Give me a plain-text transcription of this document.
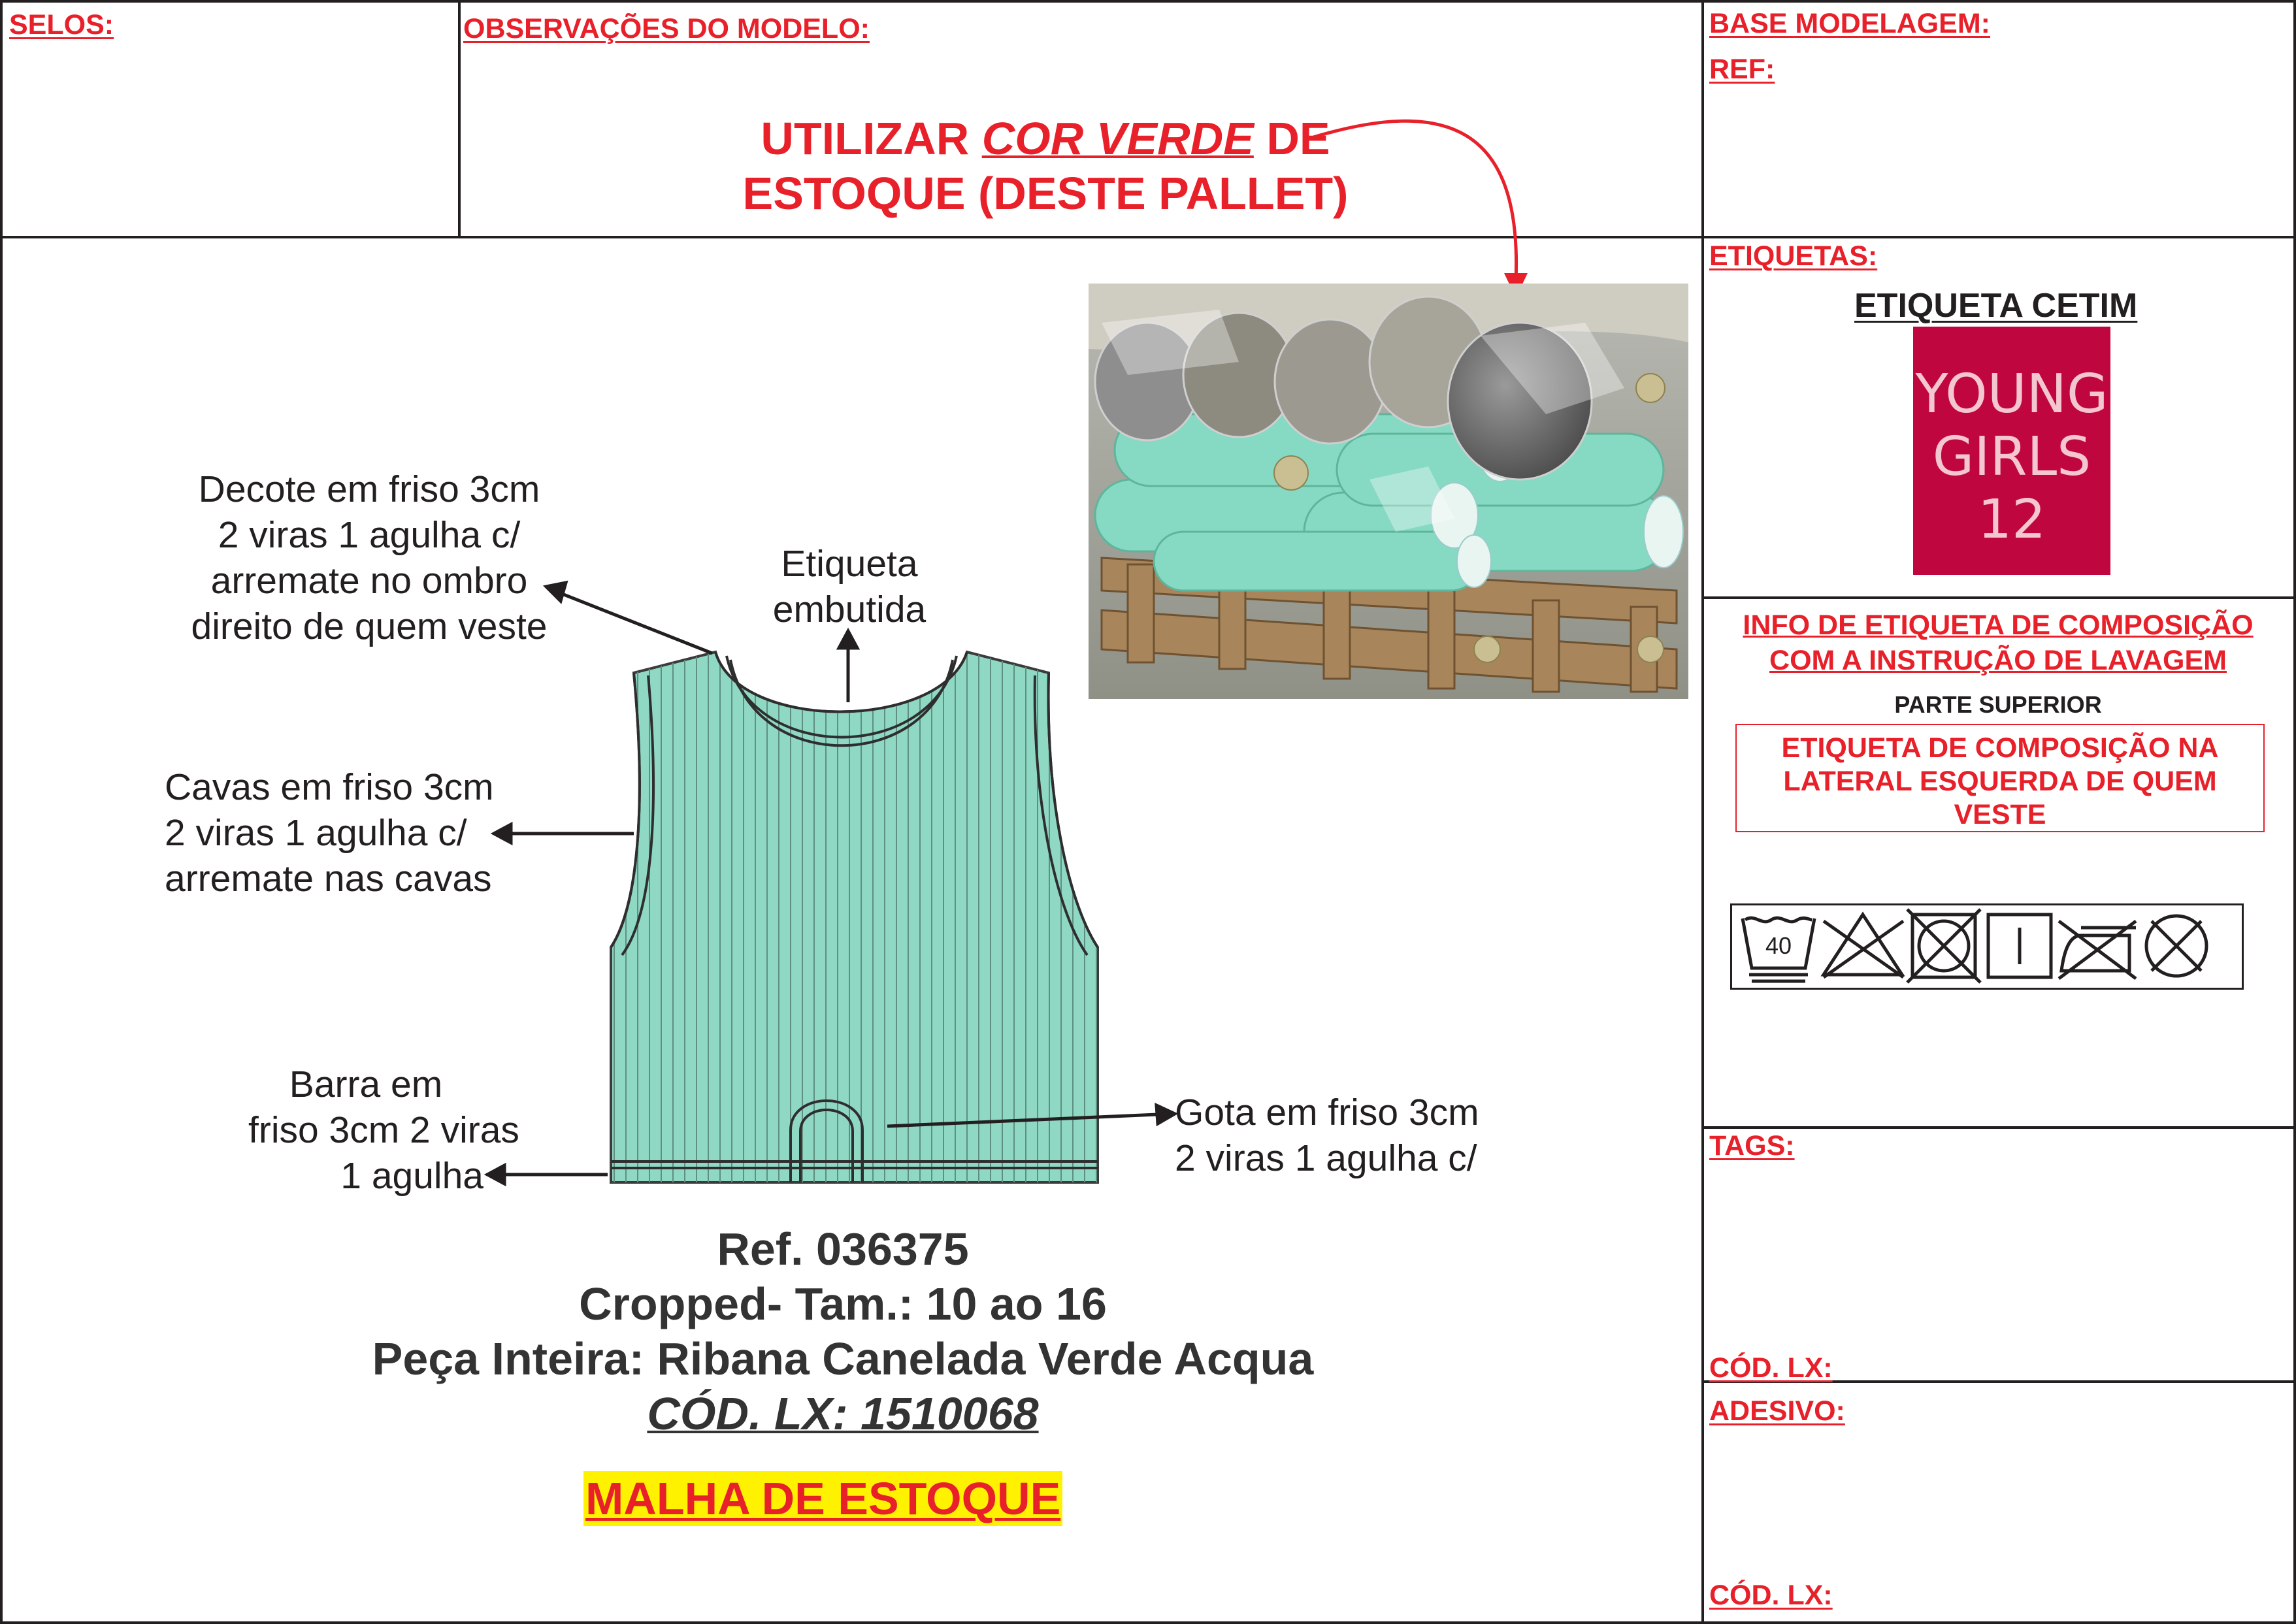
SELOS:	OBSERVAÇÕES DO MODELO:	BASE MODELAGEM:
REF:
UTILIZAR COR VERDE DE
ESTOQUE (DESTE PALLET)
Decote em friso 3cm
2 viras 1 agulha c/
arremate no ombro
direito de quem veste
Etiqueta
embutida
Cavas em friso 3cm
2 viras 1 agulha c/
arremate nas cavas
Barra em
friso 3cm 2 viras
1 agulha
Gota em friso 3cm
2 viras 1 agulha c/
Ref. 036375
Cropped- Tam.: 10 ao 16
Peça Inteira: Ribana Canelada Verde Acqua
CÓD. LX: 1510068
MALHA DE ESTOQUE
ETIQUETAS:
ETIQUETA CETIM
YOUNG
GIRLS
12
INFO DE ETIQUETA DE COMPOSIÇÃO
COM A INSTRUÇÃO DE LAVAGEM
PARTE SUPERIOR
ETIQUETA DE COMPOSIÇÃO NA
LATERAL ESQUERDA DE QUEM
VESTE
40
TAGS:
CÓD. LX:
ADESIVO:
CÓD. LX:
